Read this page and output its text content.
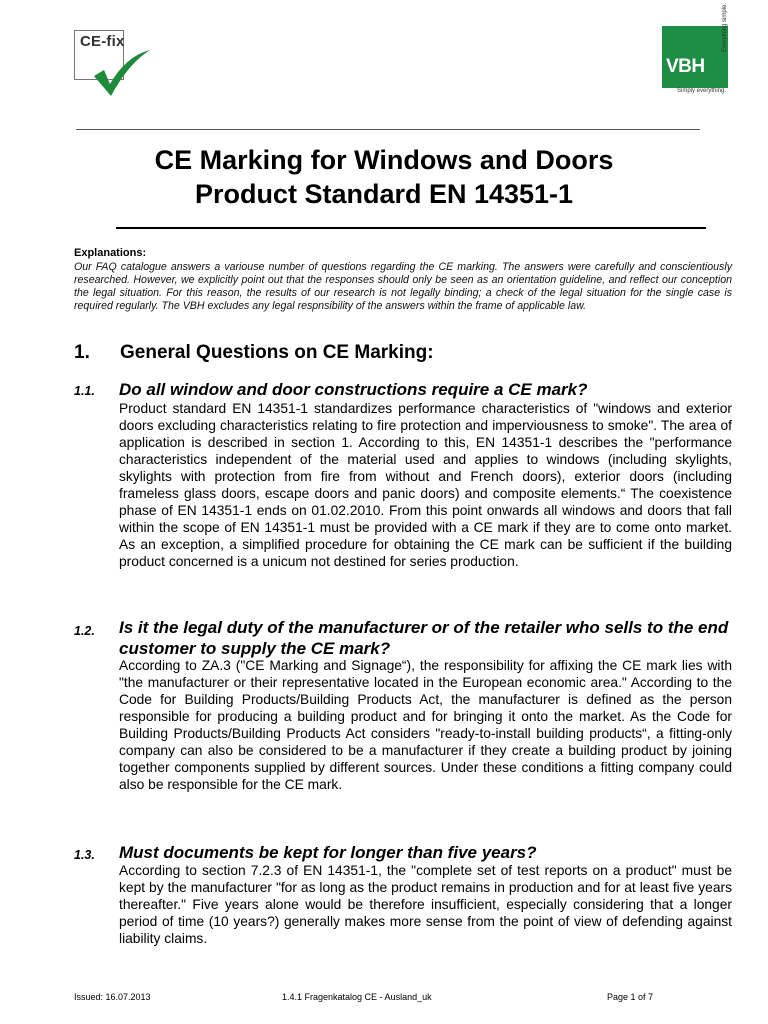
CE-fix
VBH
Everything simple.
Simply everything.
CE Marking for Windows and Doors
Product Standard EN 14351-1
Explanations:
Our FAQ catalogue answers a variouse number of questions regarding the CE marking. The answers were carefully and conscientiously researched. However, we explicitly point out that the responses should only be seen as an orientation guideline, and reflect our conception the legal situation. For this reason, the results of our research is not legally binding; a check of the legal situation for the single case is required regularly. The VBH excludes any legal respnsibility of the answers within the frame of applicable law.
1. General Questions on CE Marking:
1.1. Do all window and door constructions require a CE mark?
Product standard EN 14351-1 standardizes performance characteristics of "windows and exterior doors excluding characteristics relating to fire protection and imperviousness to smoke". The area of application is described in section 1. According to this, EN 14351-1 describes the "performance characteristics independent of the material used and applies to windows (including skylights, skylights with protection from fire from without and French doors), exterior doors (including frameless glass doors, escape doors and panic doors) and composite elements.“ The coexistence phase of EN 14351-1 ends on 01.02.2010. From this point onwards all windows and doors that fall within the scope of EN 14351-1 must be provided with a CE mark if they are to come onto market. As an exception, a simplified procedure for obtaining the CE mark can be sufficient if the building product concerned is a unicum not destined for series production.
1.2. Is it the legal duty of the manufacturer or of the retailer who sells to the end customer to supply the CE mark?
According to ZA.3 ("CE Marking and Signage“), the responsibility for affixing the CE mark lies with "the manufacturer or their representative located in the European economic area." According to the Code for Building Products/Building Products Act, the manufacturer is defined as the person responsible for producing a building product and for bringing it onto the market. As the Code for Building Products/Building Products Act considers "ready-to-install building products“, a fitting-only company can also be considered to be a manufacturer if they create a building product by joining together components supplied by different sources. Under these conditions a fitting company could also be responsible for the CE mark.
1.3. Must documents be kept for longer than five years?
According to section 7.2.3 of EN 14351-1, the "complete set of test reports on a product" must be kept by the manufacturer "for as long as the product remains in production and for at least five years thereafter." Five years alone would be therefore insufficient, especially considering that a longer period of time (10 years?) generally makes more sense from the point of view of defending against liability claims.
Issued: 16.07.2013	1.4.1 Fragenkatalog CE - Ausland_uk	Page 1 of 7
